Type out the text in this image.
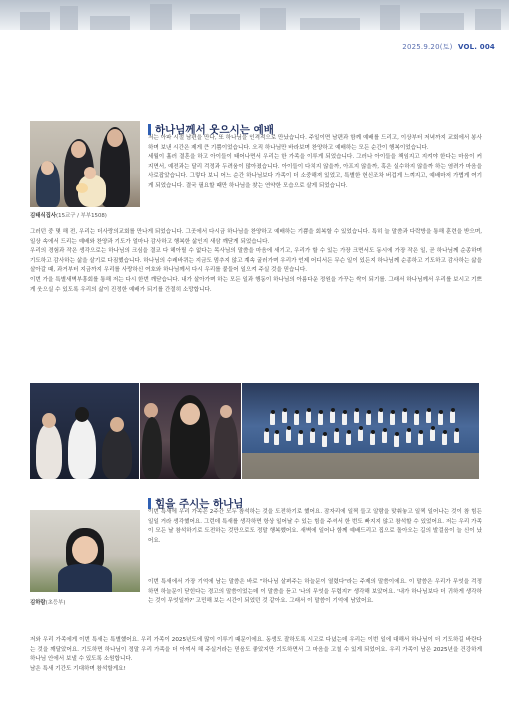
2025.9.20(토) VOL. 004
하나님께서 웃으시는 예배
김태식집사(15교구 / 부부1508)

저는 아파 시절 남편을 만나, 또 하나님을 인격적으로 만났습니다. 주일이면 남편과 함께 예배를 드리고, 이상부터 저녁까지 교회에서 봉사하며 보낸 시간은 제게 큰 기쁨이었습니다. 오직 하나님만 바라보며 찬양하고 예배하는 모든 순간이 행복이었습니다.

세월이 흘러 결혼을 하고 아이들이 태어나면서 우리는 한 가족을 이루게 되었습니다. 그러나 아이들을 책임지고 지켜야 한다는 마음이 커지면서, 예전과는 달리 걱정과 두려움이 많아졌습니다. 아이들이 다치지 않을까, 아프지 않을까, 혹은 실수하지 않을까 하는 염려가 마음을 사로잡았습니다. 그렇다 보니 어느 순간 하나님보다 가족이 더 소중해져 있었고, 특별한 헌신조차 버겁게 느껴지고, 예배마저 가볍게 여기게 되었습니다. 결국 필요할 때만 하나님을 찾는 연약한 모습으로 살게 되었습니다.

그러던 중 몇 해 전, 우리는 더사랑의교회를 만나게 되었습니다. 그곳에서 다시금 하나님을 찬양하고 예배하는 기쁨을 회복할 수 있었습니다. 특히 늘 말씀과 다락방을 통해 훈련을 받으며, 일상 속에서 드리는 예배와 찬양과 기도가 얼마나 감사하고 행복한 삶인지 새삼 깨닫게 되었습니다.

우리의 경험과 작은 생각으로는 하나님의 크심을 결코 다 헤아릴 수 없다는 목사님의 말씀을 마음에 새기고, 우리가 할 수 있는 가장 크면서도 동시에 가장 작은 일, 곧 하나님께 순종하며 기도하고 감사하는 삶을 살기로 다짐했습니다. 하나님의 수레바퀴는 지금도 멈추지 않고 계속 굴러가며 우리가 언제 어디서든 무슨 일이 있든지 하나님께 순종하고 기도하고 감사하는 삶을 살아갈 때, 과거부터 지금까지 우리를 사랑하신 여호와 하나님께서 다시 우리를 붙들어 일으켜 주실 것을 믿습니다.

이번 가을 특별새벽부흥회를 통해 저는 다시 한번 깨닫습니다. 내가 살아가며 하는 모든 일과 행동이 하나님의 아름다운 정원을 가꾸는 싹이 되기를. 그래서 하나님께서 우리를 보시고 기쁘게 웃으실 수 있도록 우리의 삶이 진정한 예배가 되기를 간절히 소망합니다.

힘을 주시는 하나님
김하람(초등부)

이번 특새에 우리 가족은 2주간 모두 참석하는 것을 도전하기로 했어요. 잠자리에 일찍 들고 알람을 맞춰놓고 일찍 일어나는 것이 참 힘든 일일 거라 생각했어요. 그런데 특새를 생각하면 항상 일어날 수 있는 힘을 주셔서 한 번도 빠지지 않고 참석할 수 있었어요. 저는 우리 가족이 모든 날 참석하기로 도전하는 것만으로도 정말 행복했어요. 새벽에 일어나 함께 예배드리고 집으로 돌아오는 길의 발걸음이 늘 신이 났어요.

이번 특새에서 가장 기억에 남는 말씀은 바로 "하나님 살펴주는 하늘문이 열렸다"라는 주제의 말씀이에요. 이 말씀은 우리가 무엇을 걱정하면 하늘문이 닫힌다는 경고의 말씀이었는데 이 말씀을 듣고 '나의 무엇을 두렵지?' 생각해 보았어요. '내가 하나님보다 더 귀하게 생각하는 것이 무엇일까?' 고민해 보는 시간이 되었던 것 같아요. 그래서 이 말씀이 기억에 남았어요.

저와 우리 가족에게 이번 특새는 특별했어요. 우리 가족이 2025년도에 많이 이루기 때문이에요. 동생도 잘하도록 시고로 다녔는데 우리는 이번 일에 대해서 하나님이 더 기도하길 바란다는 것을 깨달았어요. 기도하면 하나님이 정말 우리 가족을 더 아껴서 해 주실거라는 믿음도 좋았지만 기도하면서 그 마음을 고칠 수 있게 되었어요. 우리 가족이 남은 2025년을 건강하게 하나님 안에서 보낼 수 있도록 소원합니다.

남은 특새 기간도 기대하며 참석할게요!
